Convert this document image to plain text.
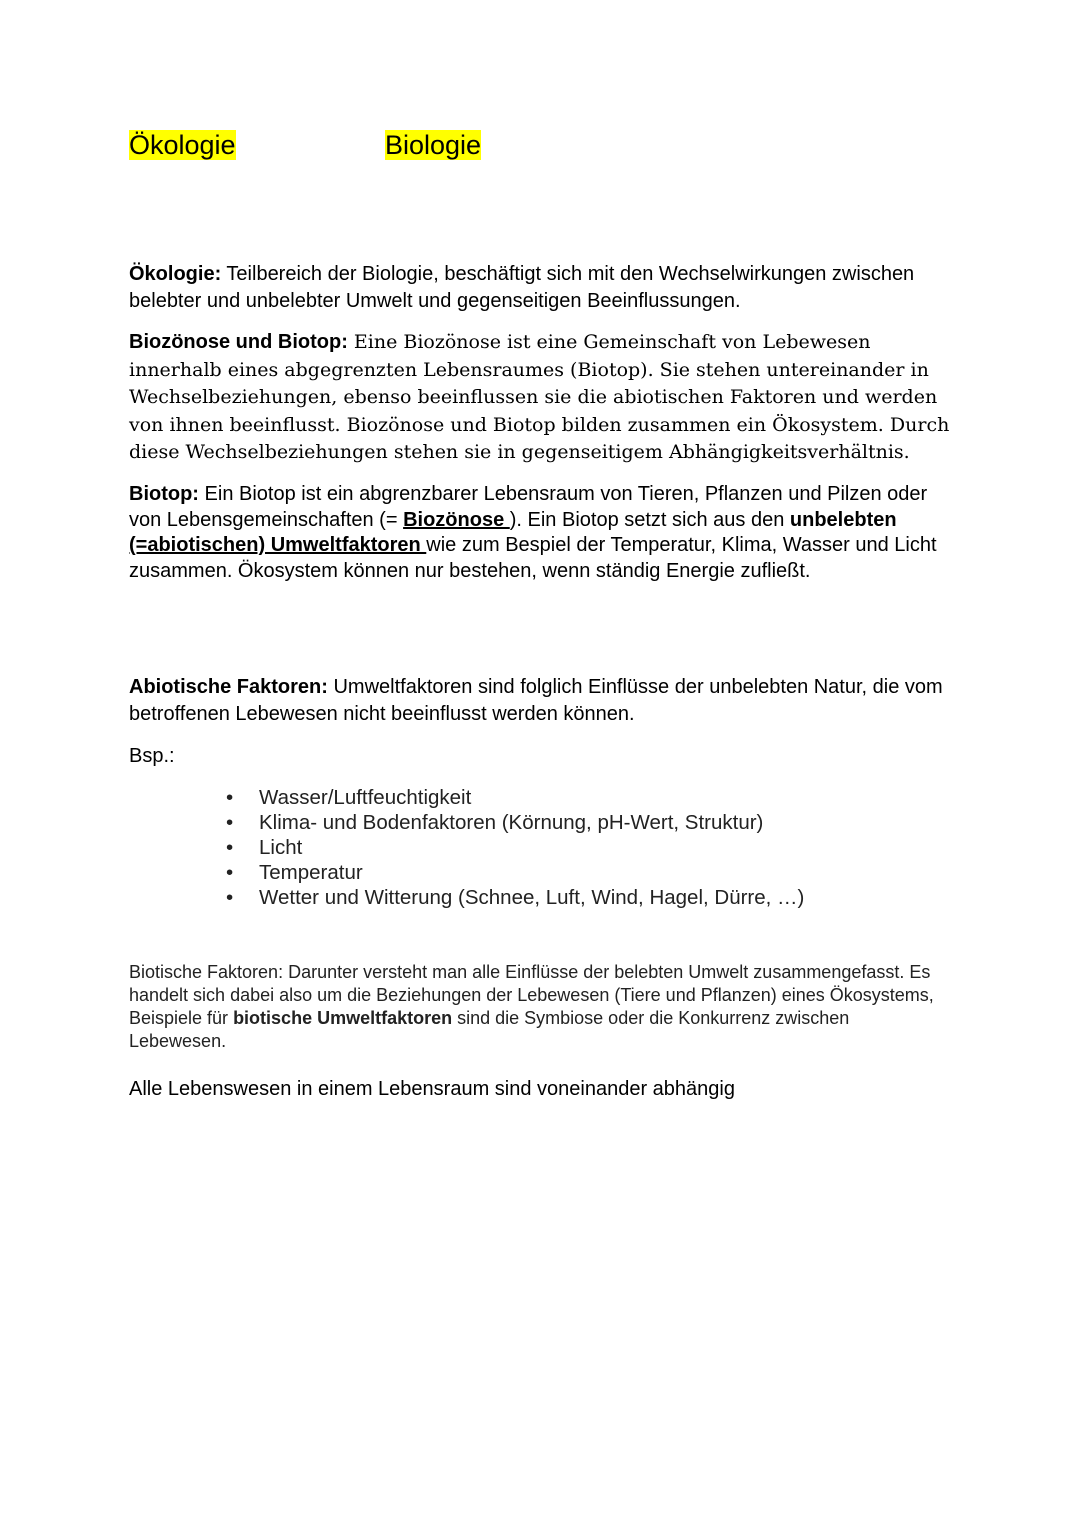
Ökologie	Biologie
Ökologie: Teilbereich der Biologie, beschäftigt sich mit den Wechselwirkungen zwischen belebter und unbelebter Umwelt und gegenseitigen Beeinflussungen.
Biozönose und Biotop: Eine Biozönose ist eine Gemeinschaft von Lebewesen innerhalb eines abgegrenzten Lebensraumes (Biotop). Sie stehen untereinander in Wechselbeziehungen, ebenso beeinflussen sie die abiotischen Faktoren und werden von ihnen beeinflusst. Biozönose und Biotop bilden zusammen ein Ökosystem. Durch diese Wechselbeziehungen stehen sie in gegenseitigem Abhängigkeitsverhältnis.
Biotop: Ein Biotop ist ein abgrenzbarer Lebensraum von Tieren, Pflanzen und Pilzen oder von Lebensgemeinschaften (= Biozönose ). Ein Biotop setzt sich aus den unbelebten (=abiotischen) Umweltfaktoren wie zum Bespiel der Temperatur, Klima, Wasser und Licht zusammen. Ökosystem können nur bestehen, wenn ständig Energie zufließt.
Abiotische Faktoren: Umweltfaktoren sind folglich Einflüsse der unbelebten Natur, die vom betroffenen Lebewesen nicht beeinflusst werden können.
Bsp.:
• Wasser/Luftfeuchtigkeit
• Klima- und Bodenfaktoren (Körnung, pH-Wert, Struktur)
• Licht
• Temperatur
• Wetter und Witterung (Schnee, Luft, Wind, Hagel, Dürre, …)
Biotische Faktoren: Darunter versteht man alle Einflüsse der belebten Umwelt zusammengefasst. Es handelt sich dabei also um die Beziehungen der Lebewesen (Tiere und Pflanzen) eines Ökosystems, Beispiele für biotische Umweltfaktoren sind die Symbiose oder die Konkurrenz zwischen Lebewesen.
Alle Lebenswesen in einem Lebensraum sind voneinander abhängig
